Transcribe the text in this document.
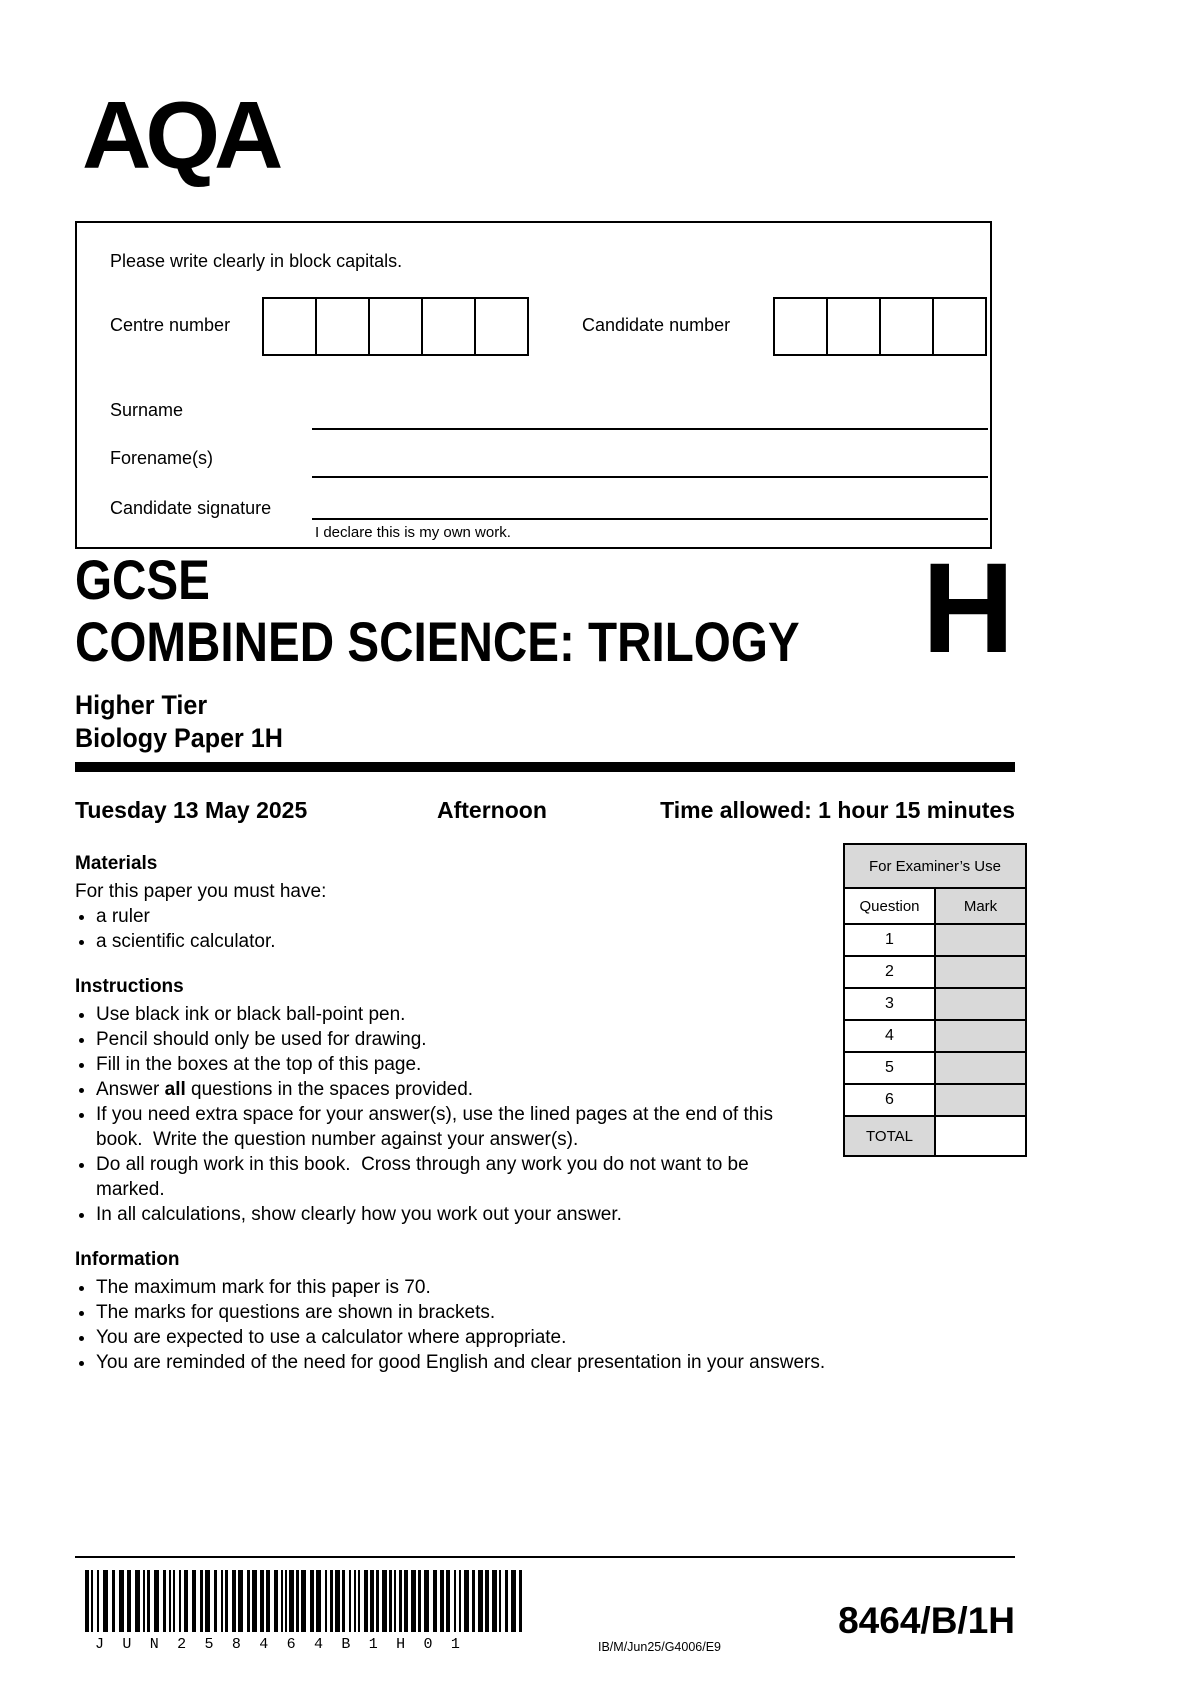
AQA
Please write clearly in block capitals.
Centre number	Candidate number
Surname
Forename(s)
Candidate signature
I declare this is my own work.
GCSE
COMBINED SCIENCE: TRILOGY H
Higher Tier
Biology Paper 1H
Tuesday 13 May 2025	Afternoon	Time allowed: 1 hour 15 minutes
Materials

For this paper you must have:

• a ruler
• a scientific calculator.
Instructions
• Use black ink or black ball-point pen.
• Pencil should only be used for drawing.
• Fill in the boxes at the top of this page.
• Answer all questions in the spaces provided.
• If you need extra space for your answer(s), use the lined pages at the end of this book.  Write the question number against your answer(s).
• Do all rough work in this book.  Cross through any work you do not want to be marked.
• In all calculations, show clearly how you work out your answer.
Information
• The maximum mark for this paper is 70.
• The marks for questions are shown in brackets.
• You are expected to use a calculator where appropriate.
• You are reminded of the need for good English and clear presentation in your answers.
For Examiner’s Use	
Question	Mark
1	
2	
3	
4	
5	
6	
TOTAL	
J U N 2 5 8 4 6 4 B 1 H 0 1	IB/M/Jun25/G4006/E9
8464/B/1H
